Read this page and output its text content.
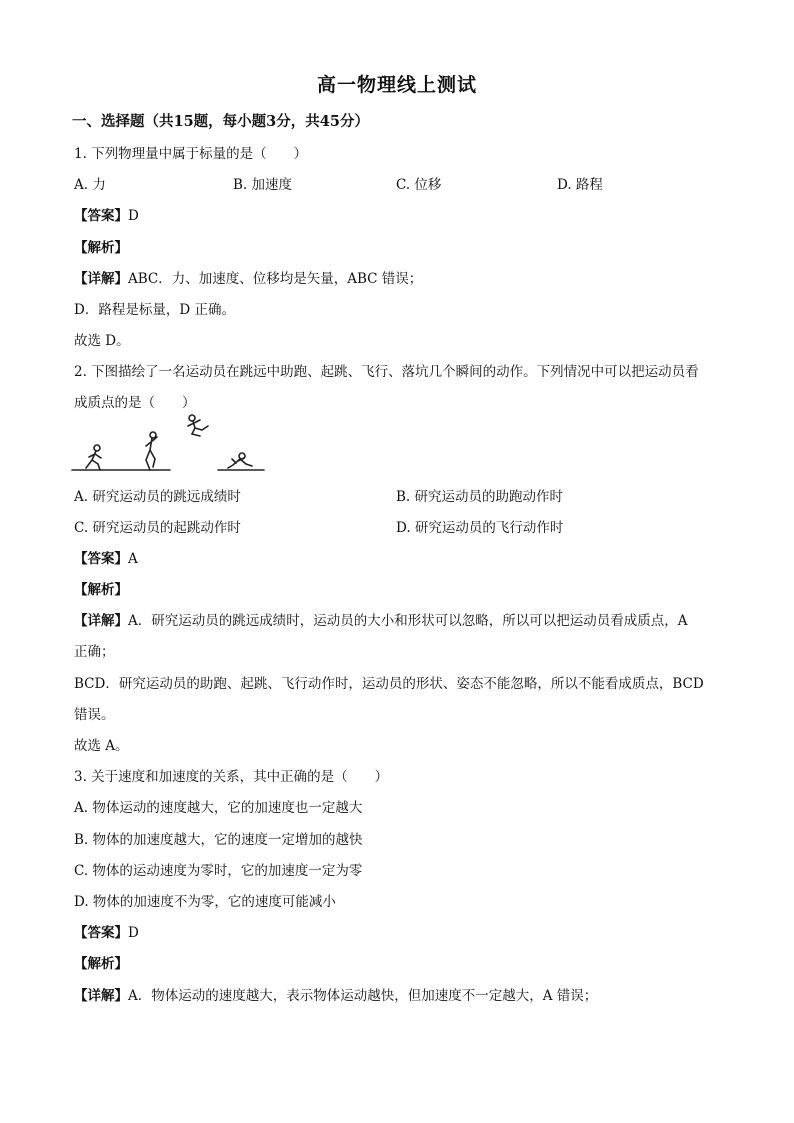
高一物理线上测试
一、选择题（共15题，每小题3分，共45分）
1. 下列物理量中属于标量的是（　　）
A. 力	B. 加速度	C. 位移	D. 路程
【答案】D
【解析】
【详解】ABC．力、加速度、位移均是矢量，ABC 错误；
D．路程是标量，D 正确。
故选 D。
2. 下图描绘了一名运动员在跳远中助跑、起跳、飞行、落坑几个瞬间的动作。下列情况中可以把运动员看
成质点的是（　　）
A. 研究运动员的跳远成绩时	B. 研究运动员的助跑动作时
C. 研究运动员的起跳动作时	D. 研究运动员的飞行动作时
【答案】A
【解析】
【详解】A．研究运动员的跳远成绩时，运动员的大小和形状可以忽略，所以可以把运动员看成质点，A
正确；
BCD．研究运动员的助跑、起跳、飞行动作时，运动员的形状、姿态不能忽略，所以不能看成质点，BCD
错误。
故选 A。
3. 关于速度和加速度的关系，其中正确的是（　　）
A. 物体运动的速度越大，它的加速度也一定越大
B. 物体的加速度越大，它的速度一定增加的越快
C. 物体的运动速度为零时，它的加速度一定为零
D. 物体的加速度不为零，它的速度可能减小
【答案】D
【解析】
【详解】A．物体运动的速度越大，表示物体运动越快，但加速度不一定越大，A 错误；
